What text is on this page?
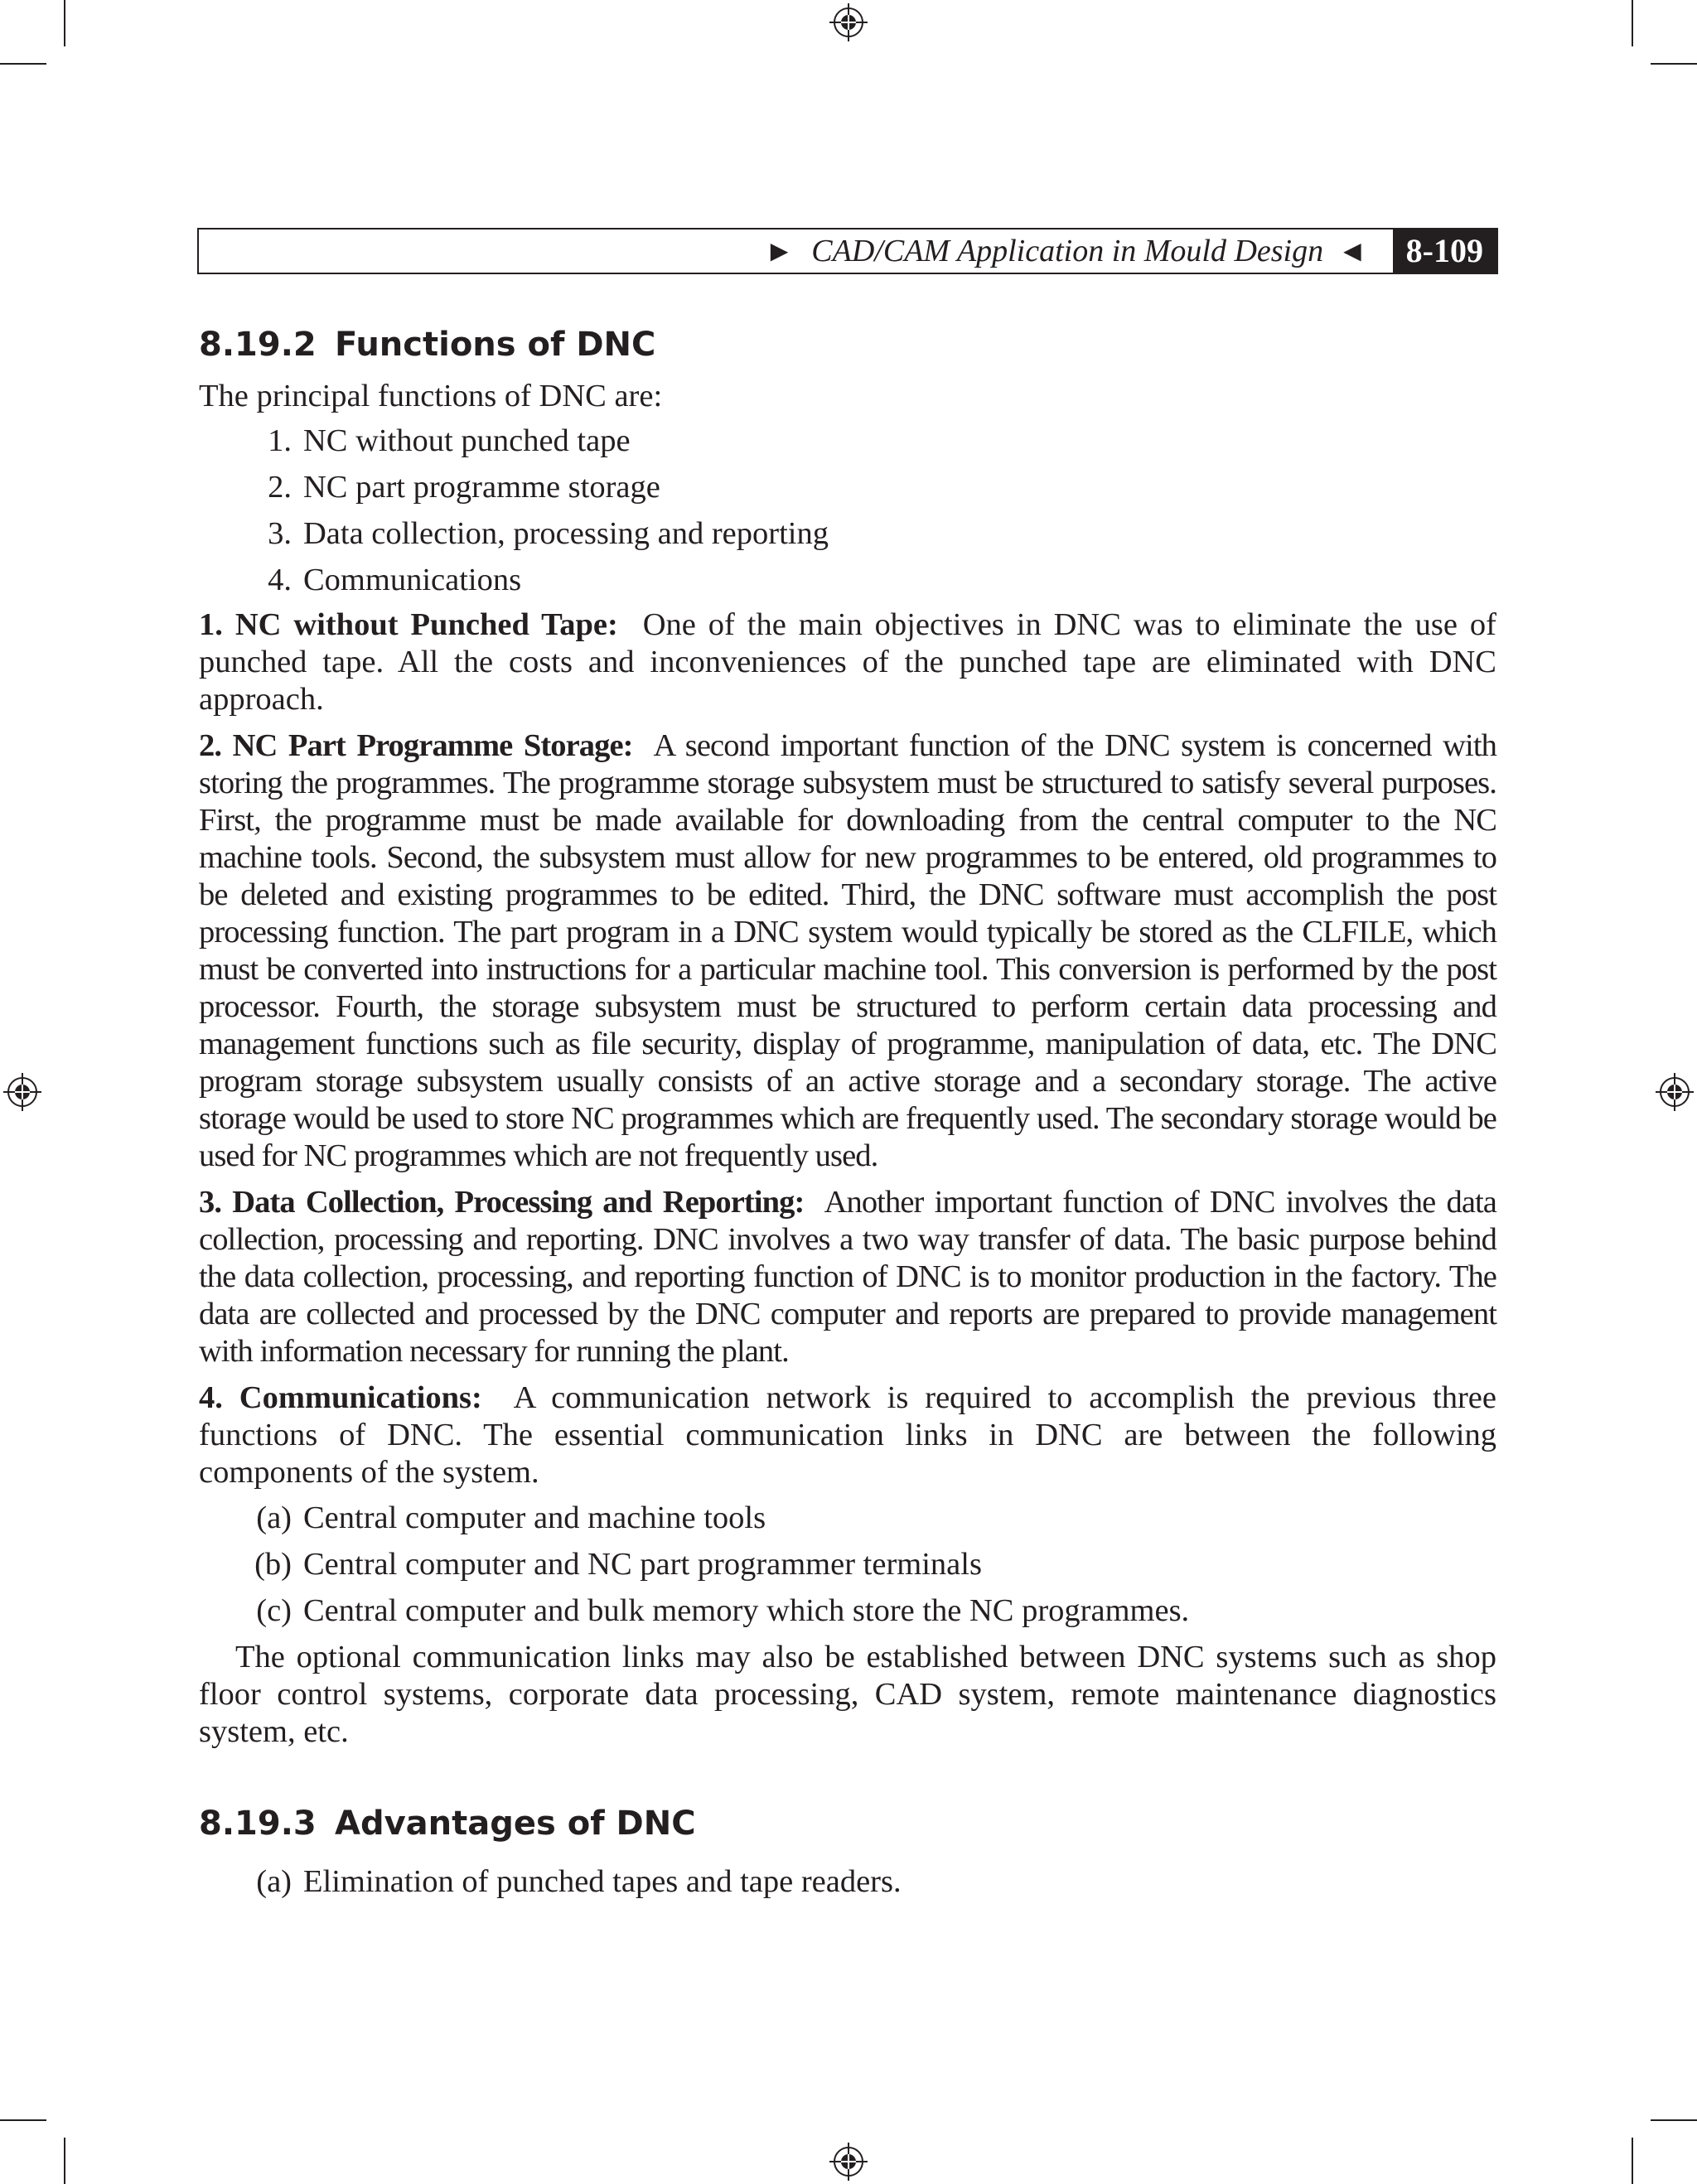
▶ CAD/CAM Application in Mould Design ◀	8-109
8.19.2 Functions of DNC

The principal functions of DNC are:

1. NC without punched tape
2. NC part programme storage
3. Data collection, processing and reporting
4. Communications

1. NC without Punched Tape: One of the main objectives in DNC was to eliminate the use of punched tape. All the costs and inconveniences of the punched tape are eliminated with DNC approach.

2. NC Part Programme Storage: A second important function of the DNC system is concerned with storing the programmes. The programme storage subsystem must be structured to satisfy several purposes. First, the programme must be made available for downloading from the central computer to the NC machine tools. Second, the subsystem must allow for new programmes to be entered, old programmes to be deleted and existing programmes to be edited. Third, the DNC software must accomplish the post processing function. The part program in a DNC system would typically be stored as the CLFILE, which must be converted into instructions for a particular machine tool. This conversion is performed by the post processor. Fourth, the storage subsystem must be structured to perform certain data processing and management functions such as file security, display of programme, manipulation of data, etc. The DNC program storage subsystem usually consists of an active storage and a secondary storage. The active storage would be used to store NC programmes which are frequently used. The secondary storage would be used for NC programmes which are not frequently used.

3. Data Collection, Processing and Reporting: Another important function of DNC involves the data collection, processing and reporting. DNC involves a two way transfer of data. The basic purpose behind the data collection, processing, and reporting function of DNC is to monitor production in the factory. The data are collected and processed by the DNC computer and reports are prepared to provide management with information necessary for running the plant.

4. Communications: A communication network is required to accomplish the previous three functions of DNC. The essential communication links in DNC are between the following components of the system.

(a) Central computer and machine tools
(b) Central computer and NC part programmer terminals
(c) Central computer and bulk memory which store the NC programmes.

The optional communication links may also be established between DNC systems such as shop floor control systems, corporate data processing, CAD system, remote maintenance diagnostics system, etc.

8.19.3 Advantages of DNC
(a) Elimination of punched tapes and tape readers.
